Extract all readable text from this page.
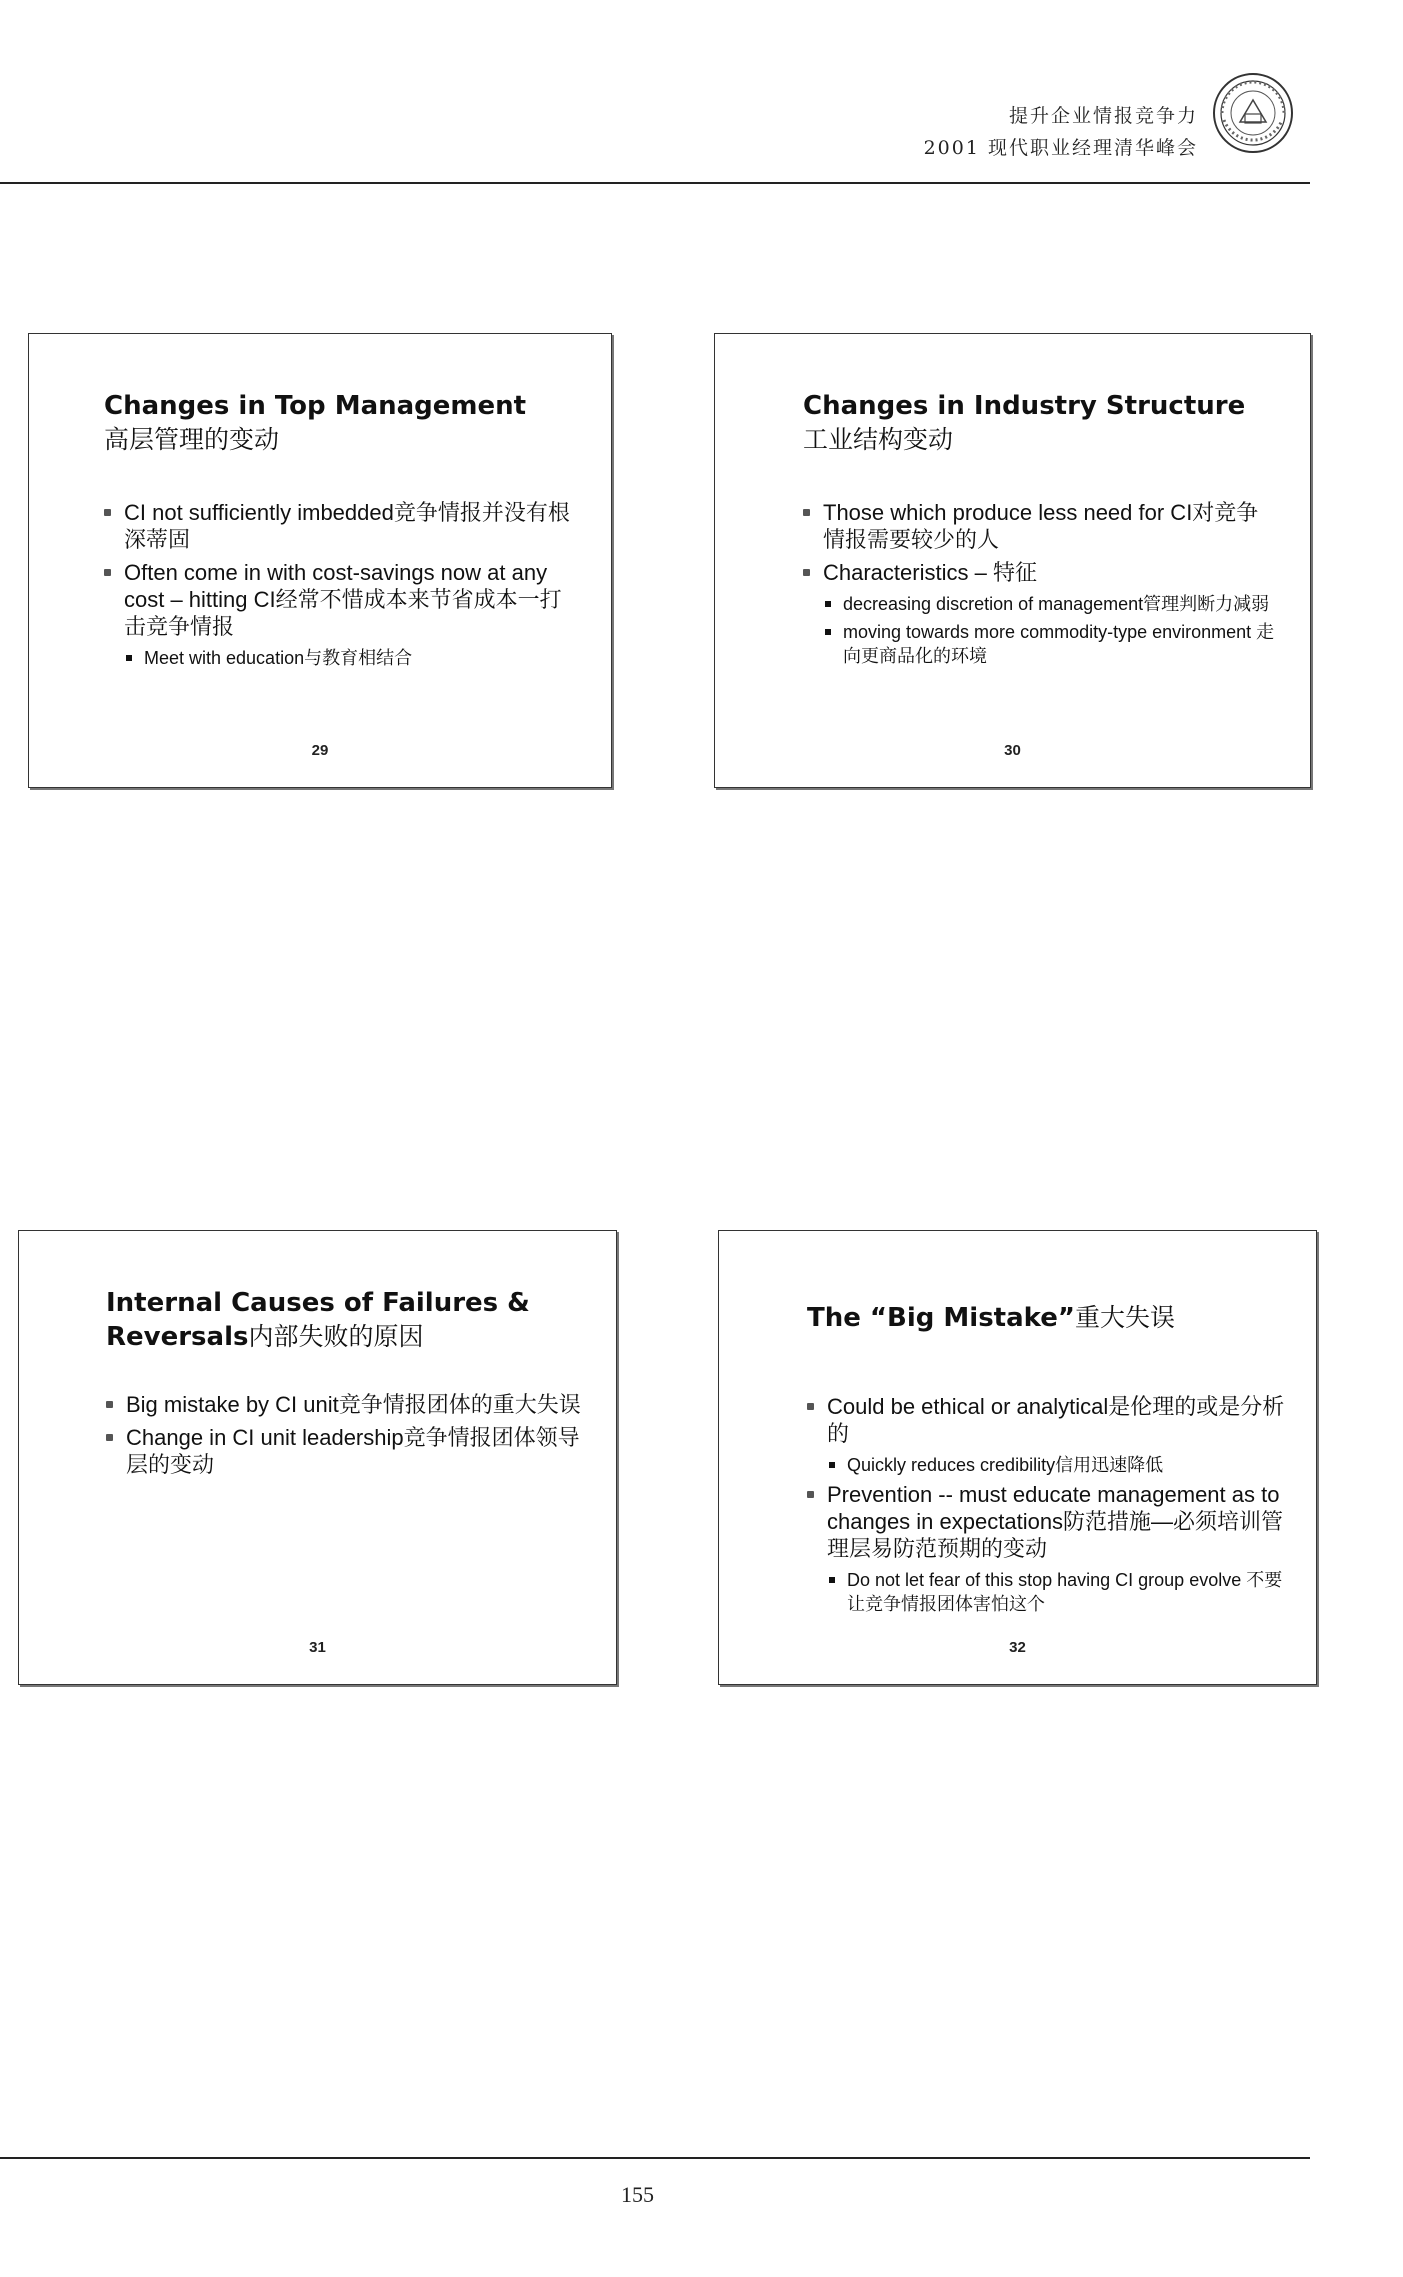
提升企业情报竞争力
2001 现代职业经理清华峰会
Changes in Top Management
高层管理的变动
CI not sufficiently imbedded竞争情报并没有根深蒂固
Often come in with cost-savings now at any cost – hitting CI经常不惜成本来节省成本一打击竞争情报
Meet with education与教育相结合
29
Changes in Industry Structure
工业结构变动
Those which produce less need for CI对竞争情报需要较少的人
Characteristics – 特征
decreasing discretion of management管理判断力减弱
moving towards more commodity-type environment 走向更商品化的环境
30
Internal Causes of Failures &
Reversals内部失败的原因
Big mistake by CI unit竞争情报团体的重大失误
Change in CI unit leadership竞争情报团体领导层的变动
31
The “Big Mistake”重大失误
Could be ethical or analytical是伦理的或是分析的
Quickly reduces credibility信用迅速降低
Prevention -- must educate management as to changes in expectations防范措施—必须培训管理层易防范预期的变动
Do not let fear of this stop having CI group evolve 不要让竞争情报团体害怕这个
32
155
